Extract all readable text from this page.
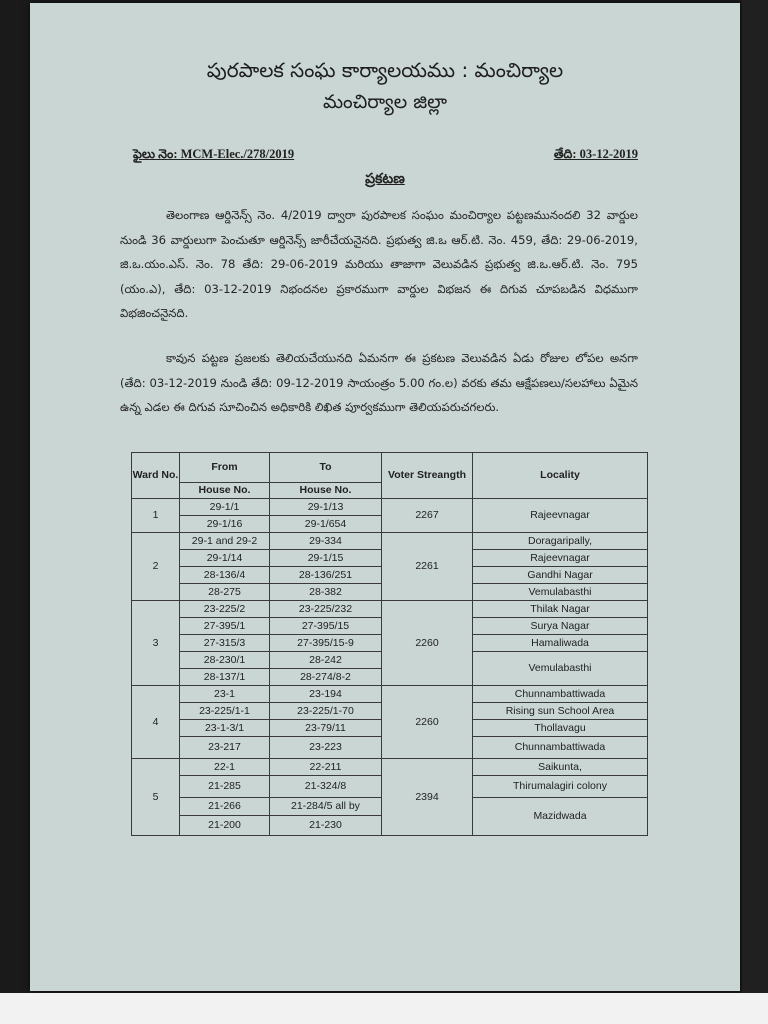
పురపాలక సంఘ కార్యాలయము : మంచిర్యాల
మంచిర్యాల జిల్లా
ఫైలు నెం: MCM-Elec./278/2019	తేది: 03-12-2019
ప్రకటణ
తెలంగాణ ఆర్డినెన్స్ నెం. 4/2019 ద్వారా పురపాలక సంఘం మంచిర్యాల పట్టణమునందలి 32 వార్డుల నుండి 36 వార్డులుగా పెంచుతూ ఆర్డినెన్స్ జారీచేయనైనది. ప్రభుత్వ జి.ఒ ఆర్.టి. నెం. 459, తేది: 29-06-2019, జి.ఒ.యం.ఎస్. నెం. 78 తేది: 29-06-2019 మరియు తాజాగా వెలువడిన ప్రభుత్వ జి.ఒ.ఆర్.టి. నెం. 795 (యం.ఎ), తేది: 03-12-2019 నిభందనల ప్రకారముగా వార్డుల విభజన ఈ దిగువ చూపబడిన విధముగా విభజించనైనది.
కావున పట్టణ ప్రజలకు తెలియచేయునది ఏమనగా ఈ ప్రకటణ వెలువడిన ఏడు రోజుల లోపల అనగా (తేది: 03-12-2019 నుండి తేది: 09-12-2019 సాయంత్రం 5.00 గం.ల) వరకు తమ ఆక్షేపణలు/సలహాలు ఏమైన ఉన్న ఎడల ఈ దిగువ సూచించిన అధికారికి లిఖిత పూర్వకముగా తెలియపరుచగలరు.
Ward No.	From	To	Voter Streangth	Locality
	House No.	House No.		
1	29-1/1	29-1/13	2267	Rajeevnagar
	29-1/16	29-1/654		
2	29-1 and 29-2	29-334	2261	Doragaripally,
	29-1/14	29-1/15		Rajeevnagar
	28-136/4	28-136/251		Gandhi Nagar
	28-275	28-382		Vemulabasthi
3	23-225/2	23-225/232	2260	Thilak Nagar
	27-395/1	27-395/15		Surya Nagar
	27-315/3	27-395/15-9		Hamaliwada
	28-230/1	28-242		Vemulabasthi
	28-137/1	28-274/8-2		
4	23-1	23-194	2260	Chunnambattiwada
	23-225/1-1	23-225/1-70		Rising sun School Area
	23-1-3/1	23-79/11		Thollavagu
	23-217	23-223		Chunnambattiwada
5	22-1	22-211	2394	Saikunta,
	21-285	21-324/8		Thirumalagiri colony
	21-266	21-284/5 all by		Mazidwada
	21-200	21-230		
